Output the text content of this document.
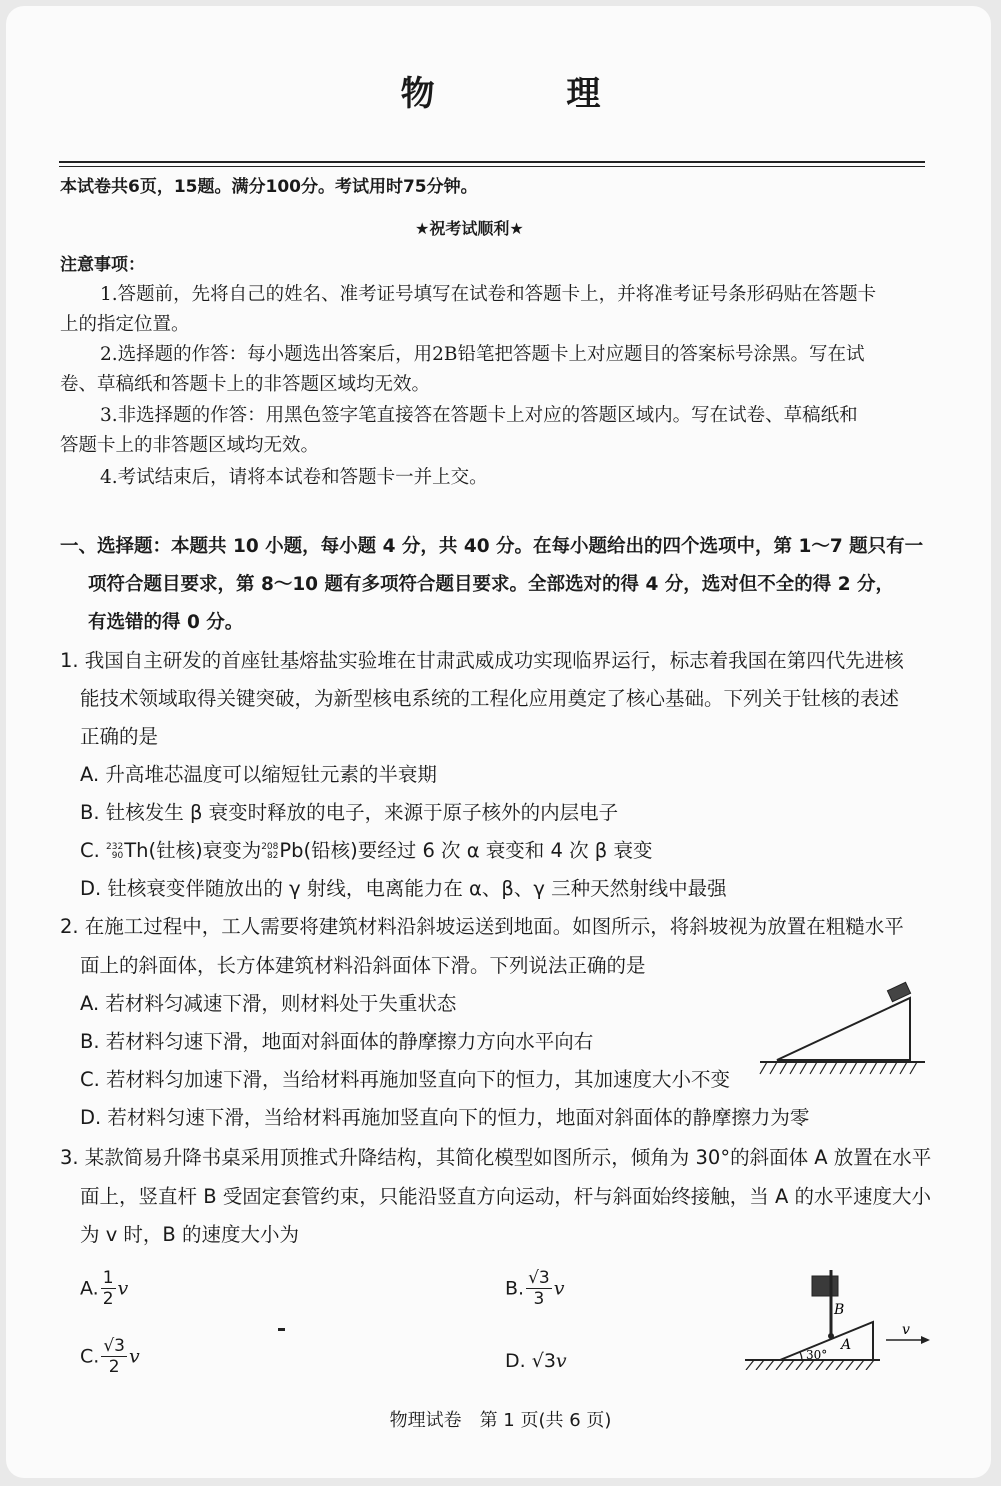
物 理
本试卷共6页，15题。满分100分。考试用时75分钟。
★祝考试顺利★
注意事项：
1.答题前，先将自己的姓名、准考证号填写在试卷和答题卡上，并将准考证号条形码贴在答题卡
上的指定位置。
2.选择题的作答：每小题选出答案后，用2B铅笔把答题卡上对应题目的答案标号涂黑。写在试
卷、草稿纸和答题卡上的非答题区域均无效。
3.非选择题的作答：用黑色签字笔直接答在答题卡上对应的答题区域内。写在试卷、草稿纸和
答题卡上的非答题区域均无效。
4.考试结束后，请将本试卷和答题卡一并上交。
一、选择题：本题共 10 小题，每小题 4 分，共 40 分。在每小题给出的四个选项中，第 1～7 题只有一
项符合题目要求，第 8～10 题有多项符合题目要求。全部选对的得 4 分，选对但不全的得 2 分，
有选错的得 0 分。
1. 我国自主研发的首座钍基熔盐实验堆在甘肃武威成功实现临界运行，标志着我国在第四代先进核
能技术领域取得关键突破，为新型核电系统的工程化应用奠定了核心基础。下列关于钍核的表述
正确的是
A. 升高堆芯温度可以缩短钍元素的半衰期
B. 钍核发生 β 衰变时释放的电子，来源于原子核外的内层电子
C. 232
90 Th(钍核)衰变为 208
82 Pb(铅核)要经过 6 次 α 衰变和 4 次 β 衰变
D. 钍核衰变伴随放出的 γ 射线，电离能力在 α、β、γ 三种天然射线中最强
2. 在施工过程中，工人需要将建筑材料沿斜坡运送到地面。如图所示，将斜坡视为放置在粗糙水平
面上的斜面体，长方体建筑材料沿斜面体下滑。下列说法正确的是
A. 若材料匀减速下滑，则材料处于失重状态
B. 若材料匀速下滑，地面对斜面体的静摩擦力方向水平向右
C. 若材料匀加速下滑，当给材料再施加竖直向下的恒力，其加速度大小不变
D. 若材料匀速下滑，当给材料再施加竖直向下的恒力，地面对斜面体的静摩擦力为零
3. 某款简易升降书桌采用顶推式升降结构，其简化模型如图所示，倾角为 30°的斜面体 A 放置在水平
面上，竖直杆 B 受固定套管约束，只能沿竖直方向运动，杆与斜面始终接触，当 A 的水平速度大小
为 v 时，B 的速度大小为
A. $\frac{1}{2}$ v	B. $\frac{√3}{3}$ v
C. $\frac{√3}{2}$ v	D. √3v	30°
A
B
v
物理试卷　第 1 页(共 6 页)
